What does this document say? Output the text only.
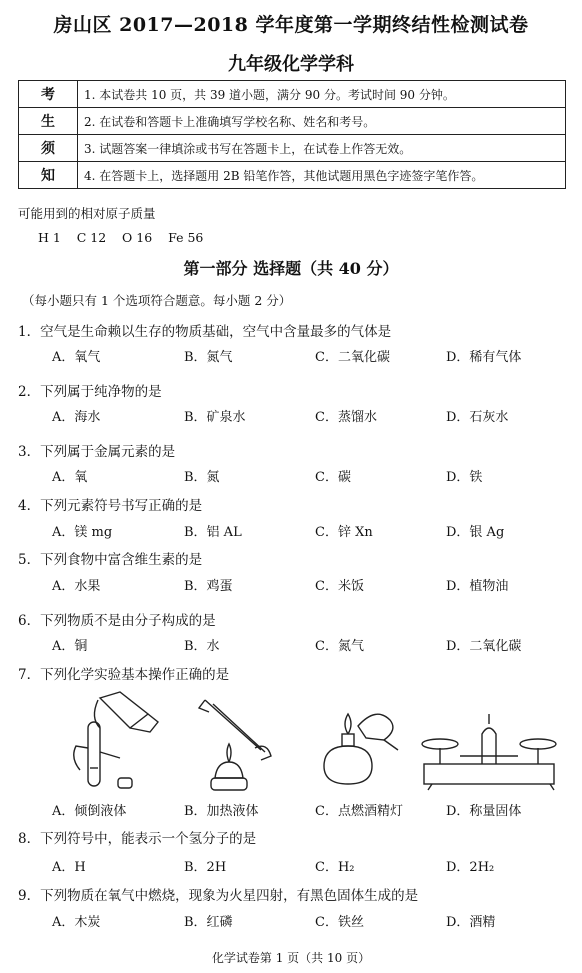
房山区 2017—2018 学年度第一学期终结性检测试卷
九年级化学学科
考	1. 本试卷共 10 页，共 39 道小题，满分 90 分。考试时间 90 分钟。
生	2. 在试卷和答题卡上准确填写学校名称、姓名和考号。
须	3. 试题答案一律填涂或书写在答题卡上，在试卷上作答无效。
知	4. 在答题卡上，选择题用 2B 铅笔作答，其他试题用黑色字迹签字笔作答。
可能用到的相对原子质量
H 1    C 12    O 16    Fe 56
第一部分 选择题（共 40 分）
（每小题只有 1 个选项符合题意。每小题 2 分）
1．空气是生命赖以生存的物质基础，空气中含量最多的气体是
A．氧气	B．氮气	C．二氧化碳	D．稀有气体
2．下列属于纯净物的是
A．海水	B．矿泉水	C．蒸馏水	D．石灰水
3．下列属于金属元素的是
A．氧	B．氮	C．碳	D．铁
4．下列元素符号书写正确的是
A．镁 mg	B．铝 AL	C．锌 Xn	D．银 Ag
5．下列食物中富含维生素的是
A．水果	B．鸡蛋	C．米饭	D．植物油
6．下列物质不是由分子构成的是
A．铜	B．水	C．氮气	D．二氧化碳
7．下列化学实验基本操作正确的是
A．倾倒液体	B．加热液体	C．点燃酒精灯	D．称量固体
8．下列符号中，能表示一个氢分子的是
A．H	B．2H	C．H₂	D．2H₂
9．下列物质在氧气中燃烧，现象为火星四射，有黑色固体生成的是
A．木炭	B．红磷	C．铁丝	D．酒精
化学试卷第 1 页（共 10 页）
